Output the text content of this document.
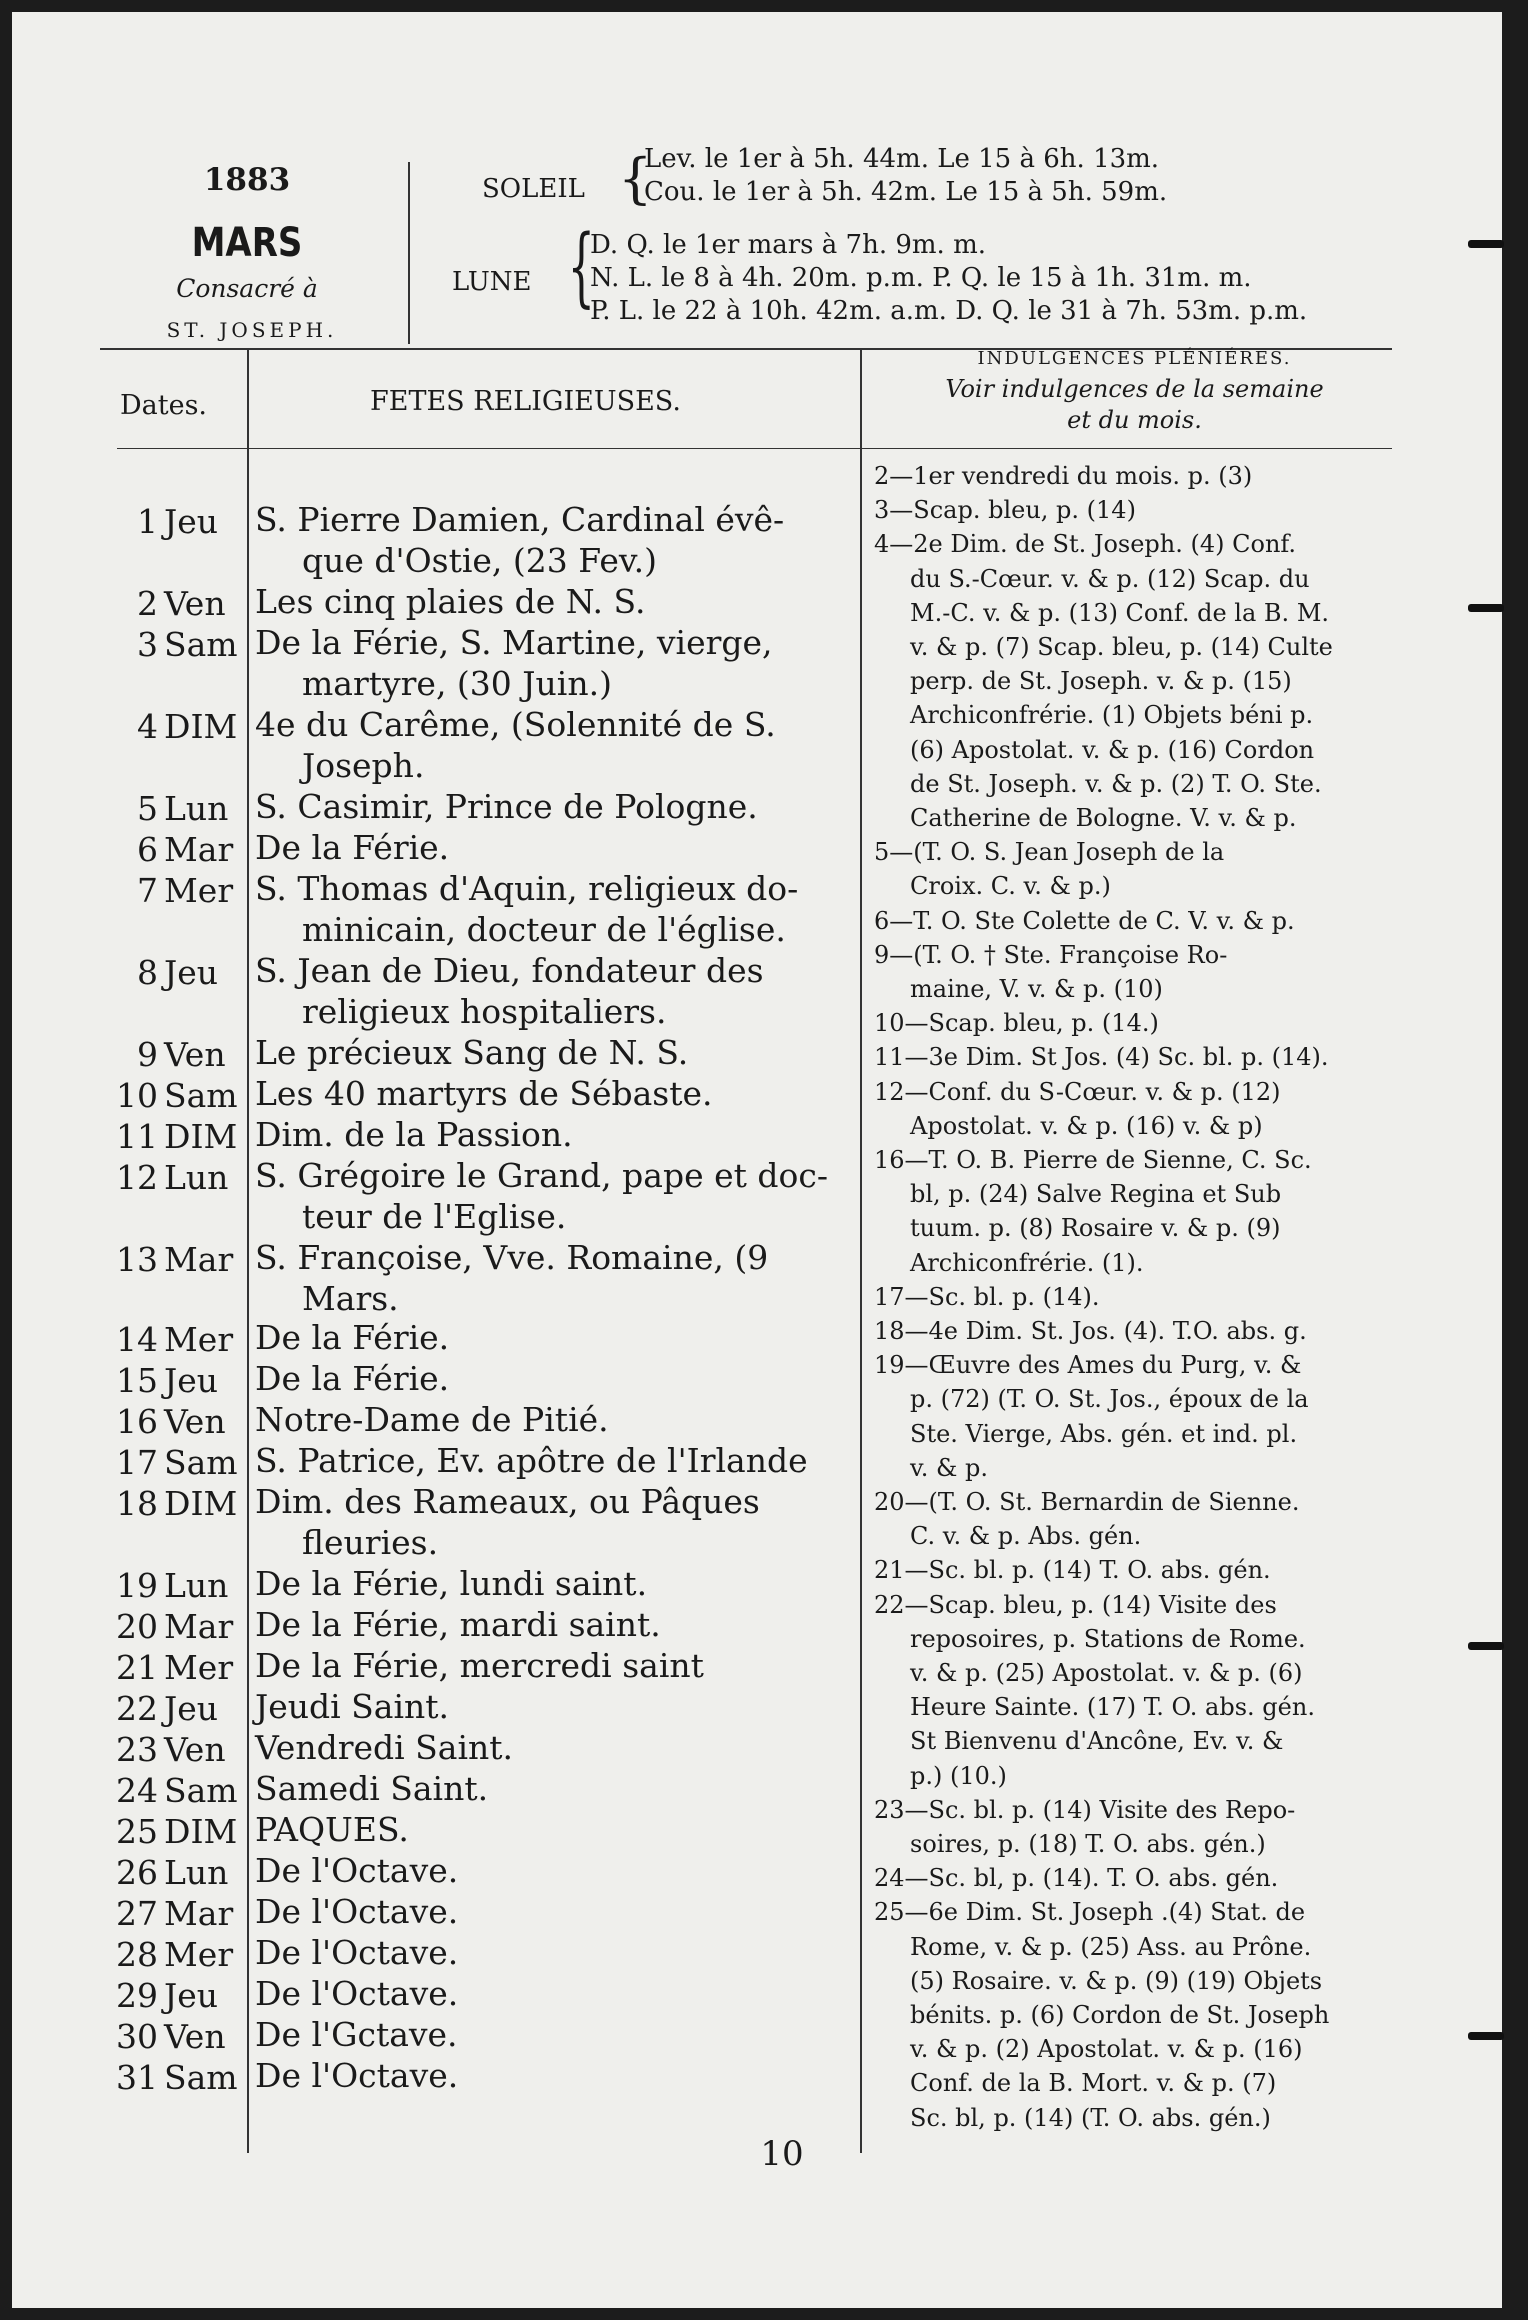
1883
MARS
Consacré à
ST. JOSEPH.
SOLEIL {
Lev. le 1er à 5h. 44m. Le 15 à 6h. 13m.
Cou. le 1er à 5h. 42m. Le 15 à 5h. 59m.
LUNE {
D. Q. le 1er mars à 7h. 9m. m.
N. L. le 8 à 4h. 20m. p.m. P. Q. le 15 à 1h. 31m. m.
P. L. le 22 à 10h. 42m. a.m. D. Q. le 31 à 7h. 53m. p.m.
Dates.	FETES RELIGIEUSES.
INDULGENCES PLÉNIÉRES.
Voir indulgences de la semaine
et du mois.
1 Jeu S. Pierre Damien, Cardinal évê-
que d'Ostie, (23 Fev.)
2 Ven Les cinq plaies de N. S.
3 Sam De la Férie, S. Martine, vierge,
martyre, (30 Juin.)
4 DIM 4e du Carême, (Solennité de S.
Joseph.
5 Lun S. Casimir, Prince de Pologne.
6 Mar De la Férie.
7 Mer S. Thomas d'Aquin, religieux do-
minicain, docteur de l'église.
8 Jeu S. Jean de Dieu, fondateur des
religieux hospitaliers.
9 Ven Le précieux Sang de N. S.
10 Sam Les 40 martyrs de Sébaste.
11 DIM Dim. de la Passion.
12 Lun S. Grégoire le Grand, pape et doc-
teur de l'Eglise.
13 Mar S. Françoise, Vve. Romaine, (9
Mars.
14 Mer De la Férie.
15 Jeu De la Férie.
16 Ven Notre-Dame de Pitié.
17 Sam S. Patrice, Ev. apôtre de l'Irlande
18 DIM Dim. des Rameaux, ou Pâques
fleuries.
19 Lun De la Férie, lundi saint.
20 Mar De la Férie, mardi saint.
21 Mer De la Férie, mercredi saint
22 Jeu Jeudi Saint.
23 Ven Vendredi Saint.
24 Sam Samedi Saint.
25 DIM PAQUES.
26 Lun De l'Octave.
27 Mar De l'Octave.
28 Mer De l'Octave.
29 Jeu De l'Octave.
30 Ven De l'Gctave.
31 Sam De l'Octave.
2—1er vendredi du mois. p. (3)
3—Scap. bleu, p. (14)
4—2e Dim. de St. Joseph. (4) Conf.
du S.-Cœur. v. & p. (12) Scap. du
M.-C. v. & p. (13) Conf. de la B. M.
v. & p. (7) Scap. bleu, p. (14) Culte
perp. de St. Joseph. v. & p. (15)
Archiconfrérie. (1) Objets béni p.
(6) Apostolat. v. & p. (16) Cordon
de St. Joseph. v. & p. (2) T. O. Ste.
Catherine de Bologne. V. v. & p.
5—(T. O. S. Jean Joseph de la
Croix. C. v. & p.)
6—T. O. Ste Colette de C. V. v. & p.
9—(T. O. † Ste. Françoise Ro-
maine, V. v. & p. (10)
10—Scap. bleu, p. (14.)
11—3e Dim. St Jos. (4) Sc. bl. p. (14).
12—Conf. du S-Cœur. v. & p. (12)
Apostolat. v. & p. (16) v. & p)
16—T. O. B. Pierre de Sienne, C. Sc.
bl, p. (24) Salve Regina et Sub
tuum. p. (8) Rosaire v. & p. (9)
Archiconfrérie. (1).
17—Sc. bl. p. (14).
18—4e Dim. St. Jos. (4). T.O. abs. g.
19—Œuvre des Ames du Purg, v. &
p. (72) (T. O. St. Jos., époux de la
Ste. Vierge, Abs. gén. et ind. pl.
v. & p.
20—(T. O. St. Bernardin de Sienne.
C. v. & p. Abs. gén.
21—Sc. bl. p. (14) T. O. abs. gén.
22—Scap. bleu, p. (14) Visite des
reposoires, p. Stations de Rome.
v. & p. (25) Apostolat. v. & p. (6)
Heure Sainte. (17) T. O. abs. gén.
St Bienvenu d'Ancône, Ev. v. &
p.) (10.)
23—Sc. bl. p. (14) Visite des Repo-
soires, p. (18) T. O. abs. gén.)
24—Sc. bl, p. (14). T. O. abs. gén.
25—6e Dim. St. Joseph .(4) Stat. de
Rome, v. & p. (25) Ass. au Prône.
(5) Rosaire. v. & p. (9) (19) Objets
bénits. p. (6) Cordon de St. Joseph
v. & p. (2) Apostolat. v. & p. (16)
Conf. de la B. Mort. v. & p. (7)
Sc. bl, p. (14) (T. O. abs. gén.)
10
